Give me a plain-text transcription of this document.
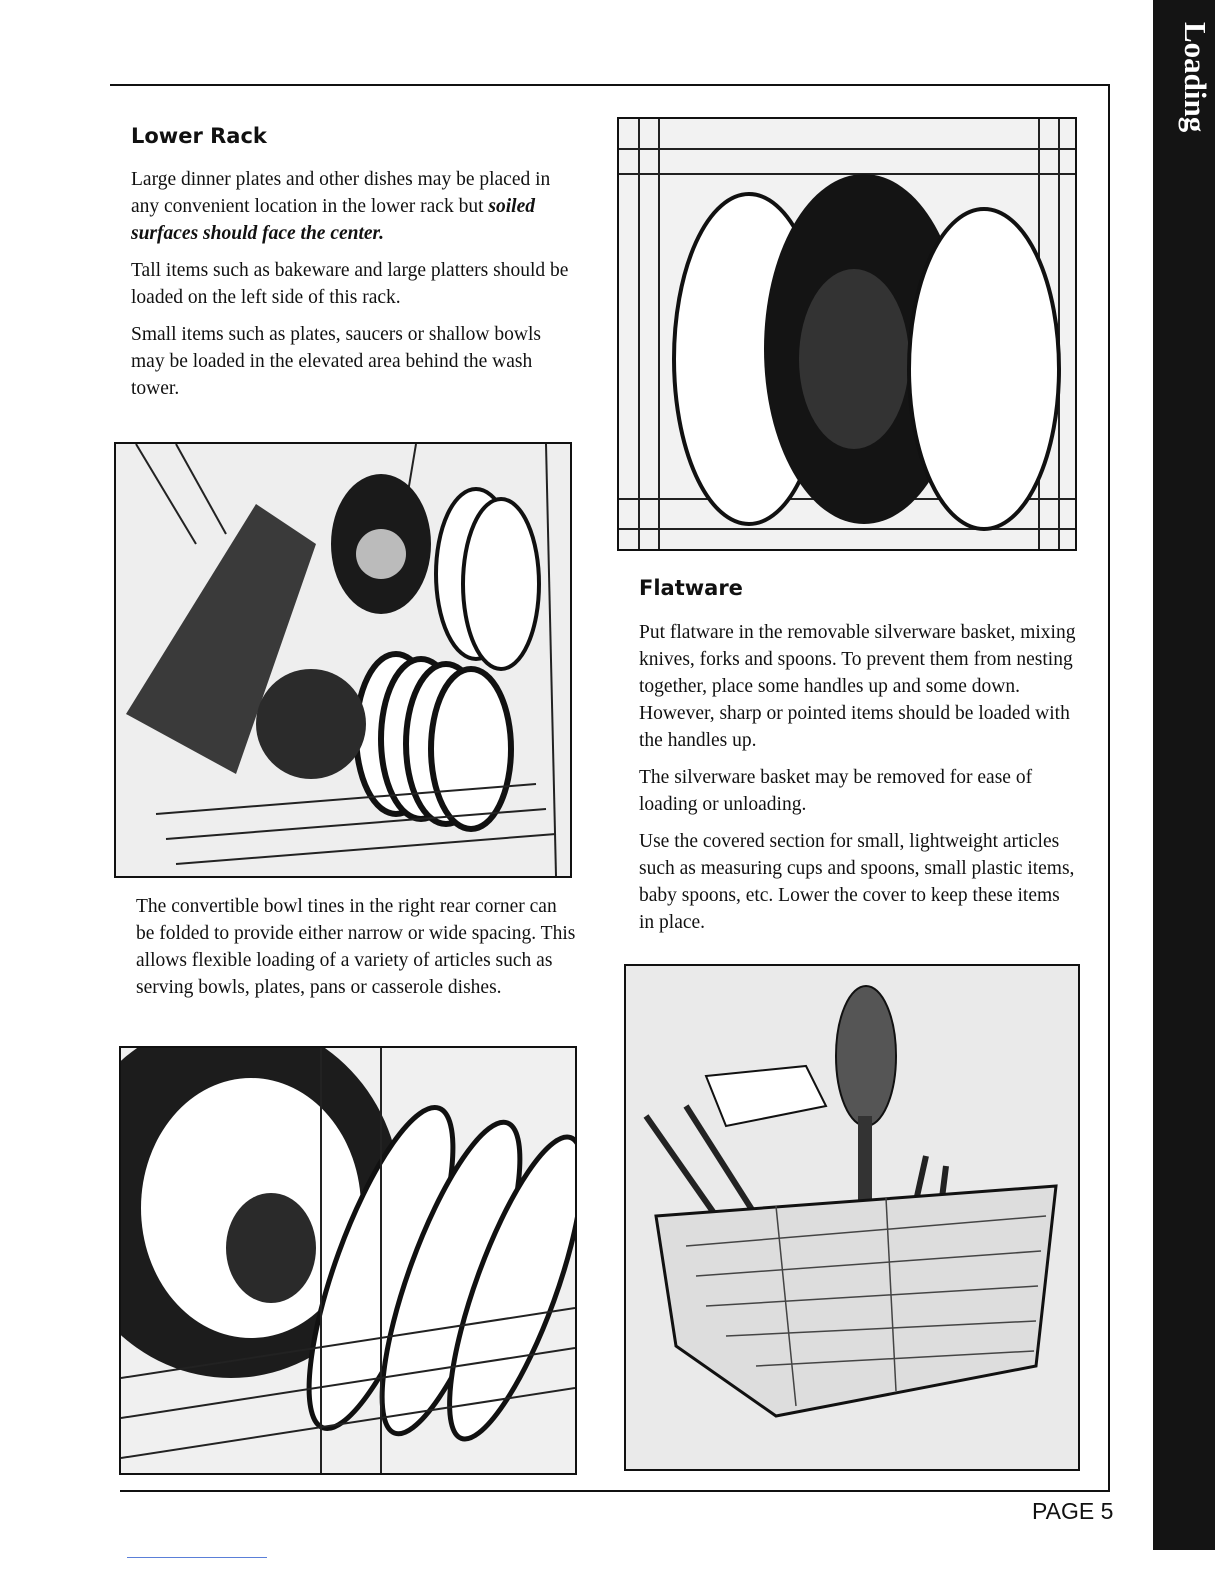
Loading
Lower Rack

Large dinner plates and other dishes may be placed in any convenient location in the lower rack but soiled surfaces should face the center.

Tall items such as bakeware and large platters should be loaded on the left side of this rack.

Small items such as plates, saucers or shallow bowls may be loaded in the elevated area behind the wash tower.

The convertible bowl tines in the right rear corner can be folded to provide either narrow or wide spacing. This allows flexible loading of a variety of articles such as serving bowls, plates, pans or casserole dishes.

Flatware

Put flatware in the removable silverware basket, mixing knives, forks and spoons. To prevent them from nesting together, place some handles up and some down. However, sharp or pointed items should be loaded with the handles up.

The silverware basket may be removed for ease of loading or unloading.

Use the covered section for small, lightweight articles such as measuring cups and spoons, small plastic items, baby spoons, etc. Lower the cover to keep these items in place.

PAGE 5
